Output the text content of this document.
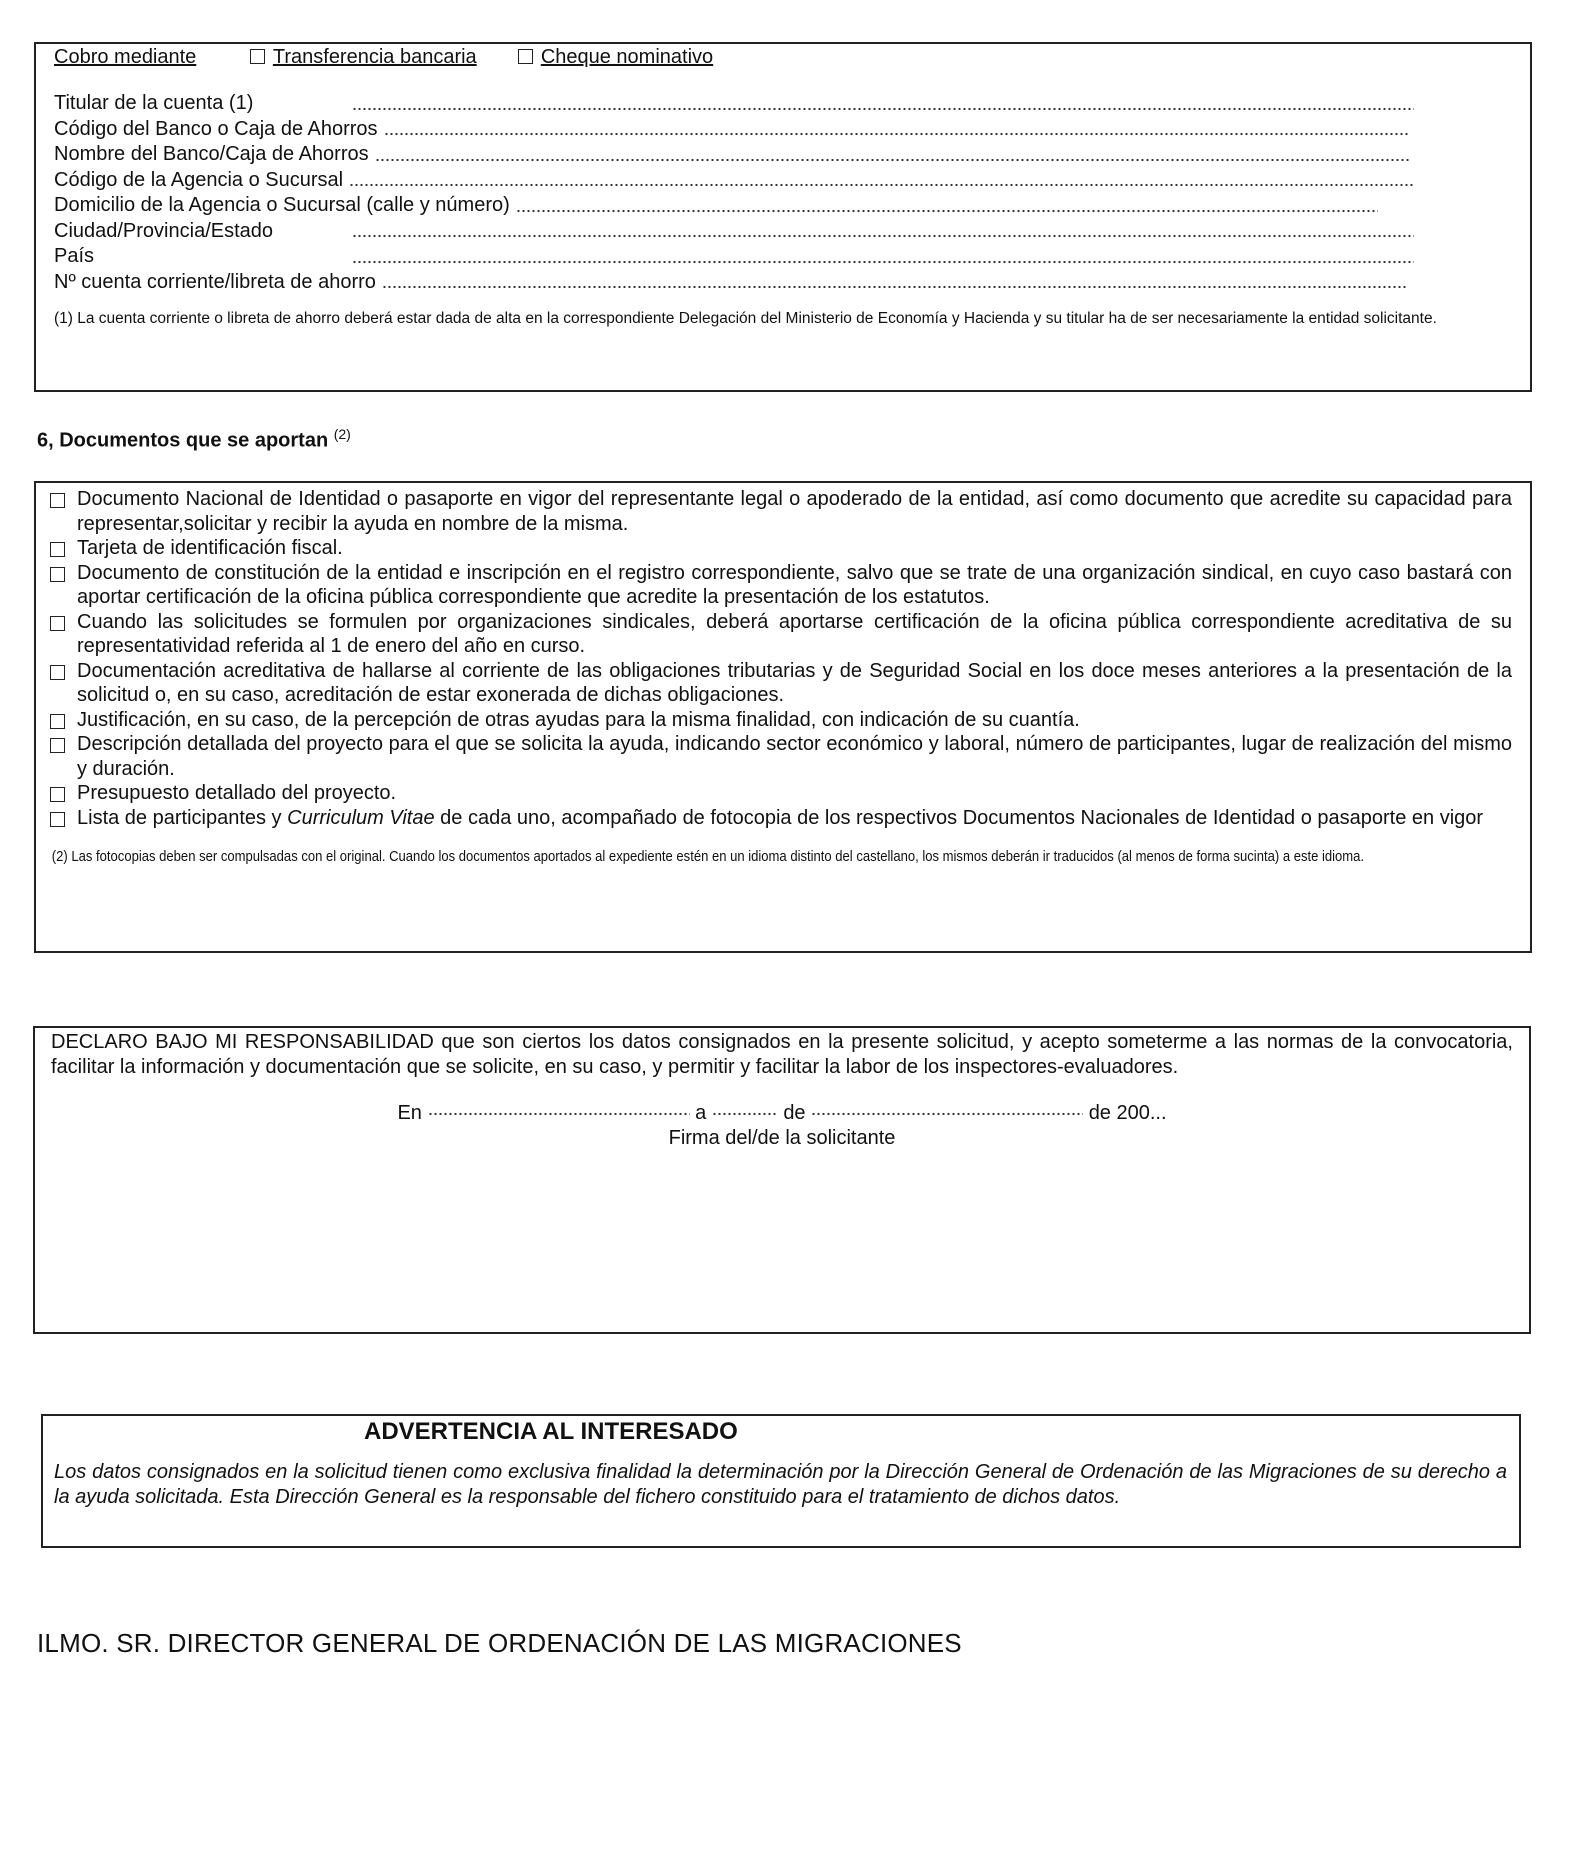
Cobro mediante	Transferencia bancaria	Cheque nominativo
Titular de la cuenta (1)
Código del Banco o Caja de Ahorros
Nombre del Banco/Caja de Ahorros
Código de la Agencia o Sucursal
Domicilio de la Agencia o Sucursal (calle y número)
Ciudad/Provincia/Estado
País
Nº cuenta corriente/libreta de ahorro
(1) La cuenta corriente o libreta de ahorro deberá estar dada de alta en la correspondiente Delegación del Ministerio de Economía y Hacienda y su titular ha de ser necesariamente la entidad solicitante.
6, Documentos que se aportan $^{(2)}$
Documento Nacional de Identidad o pasaporte en vigor del representante legal o apoderado de la entidad, así como documento que acredite su capacidad para representar,solicitar y recibir la ayuda en nombre de la misma.
Tarjeta de identificación fiscal.
Documento de constitución de la entidad e inscripción en el registro correspondiente, salvo que se trate de una organización sindical, en cuyo caso bastará con aportar certificación de la oficina pública correspondiente que acredite la presentación de los estatutos.
Cuando las solicitudes se formulen por organizaciones sindicales, deberá aportarse certificación de la oficina pública correspondiente acreditativa de su representatividad referida al 1 de enero del año en curso.
Documentación acreditativa de hallarse al corriente de las obligaciones tributarias y de Seguridad Social en los doce meses anteriores a la presentación de la solicitud o, en su caso, acreditación de estar exonerada de dichas obligaciones.
Justificación, en su caso, de la percepción de otras ayudas para la misma finalidad, con indicación de su cuantía.
Descripción detallada del proyecto para el que se solicita la ayuda, indicando sector económico y laboral, número de participantes, lugar de realización del mismo y duración.
Presupuesto detallado del proyecto.
Lista de participantes y Curriculum Vitae de cada uno, acompañado de fotocopia de los respectivos Documentos Nacionales de Identidad o pasaporte en vigor
(2) Las fotocopias deben ser compulsadas con el original. Cuando los documentos aportados al expediente estén en un idioma distinto del castellano, los mismos deberán ir traducidos (al menos de forma sucinta) a este idioma.
DECLARO BAJO MI RESPONSABILIDAD que son ciertos los datos consignados en la presente solicitud, y acepto someterme a las normas de la convocatoria, facilitar la información y documentación que se solicite, en su caso, y permitir y facilitar la labor de los inspectores-evaluadores.
En	a	de	de 200...
Firma del/de la solicitante
ADVERTENCIA AL INTERESADO
Los datos consignados en la solicitud tienen como exclusiva finalidad la determinación por la Dirección General de Ordenación de las Migraciones de su derecho a la ayuda solicitada. Esta Dirección General es la responsable del fichero constituido para el tratamiento de dichos datos.
ILMO. SR. DIRECTOR GENERAL DE ORDENACIÓN DE LAS MIGRACIONES
